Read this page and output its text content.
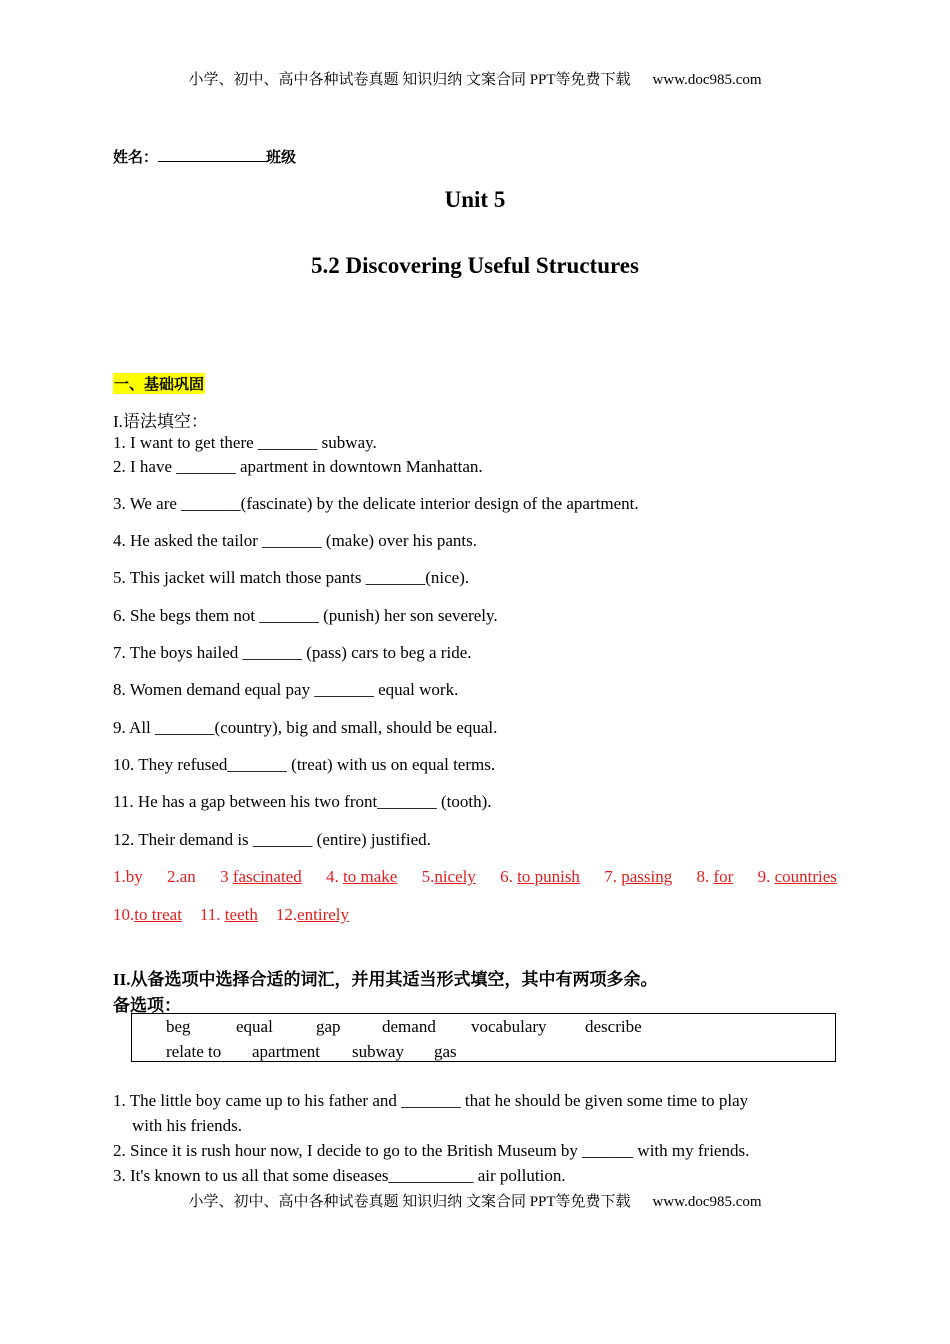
小学、初中、高中各种试卷真题 知识归纳 文案合同 PPT等免费下载 www.doc985.com
姓名：	班级
Unit 5
5.2 Discovering Useful Structures
一、基础巩固
I.语法填空：
1. I want to get there _______ subway.
2. I have _______ apartment in downtown Manhattan.
3. We are _______(fascinate) by the delicate interior design of the apartment.
4. He asked the tailor _______ (make) over his pants.
5. This jacket will match those pants _______(nice).
6. She begs them not _______ (punish) her son severely.
7. The boys hailed _______ (pass) cars to beg a ride.
8. Women demand equal pay _______ equal work.
9. All _______(country), big and small, should be equal.
10. They refused_______ (treat) with us on equal terms.
11. He has a gap between his two front_______ (tooth).
12. Their demand is _______ (entire) justified.
1.by 2.an 3 fascinated 4. to make 5.nicely 6. to punish 7. passing 8. for 9. countries
10.to treat 11. teeth 12.entirely
II.从备选项中选择合适的词汇，并用其适当形式填空，其中有两项多余。
备选项：
beg	equal	gap demand vocabulary describe
relate to apartment subway gas
1. The little boy came up to his father and _______ that he should be given some time to play
with his friends.
2. Since it is rush hour now, I decide to go to the British Museum by ______ with my friends.
3. It's known to us all that some diseases__________ air pollution.
小学、初中、高中各种试卷真题 知识归纳 文案合同 PPT等免费下载 www.doc985.com
